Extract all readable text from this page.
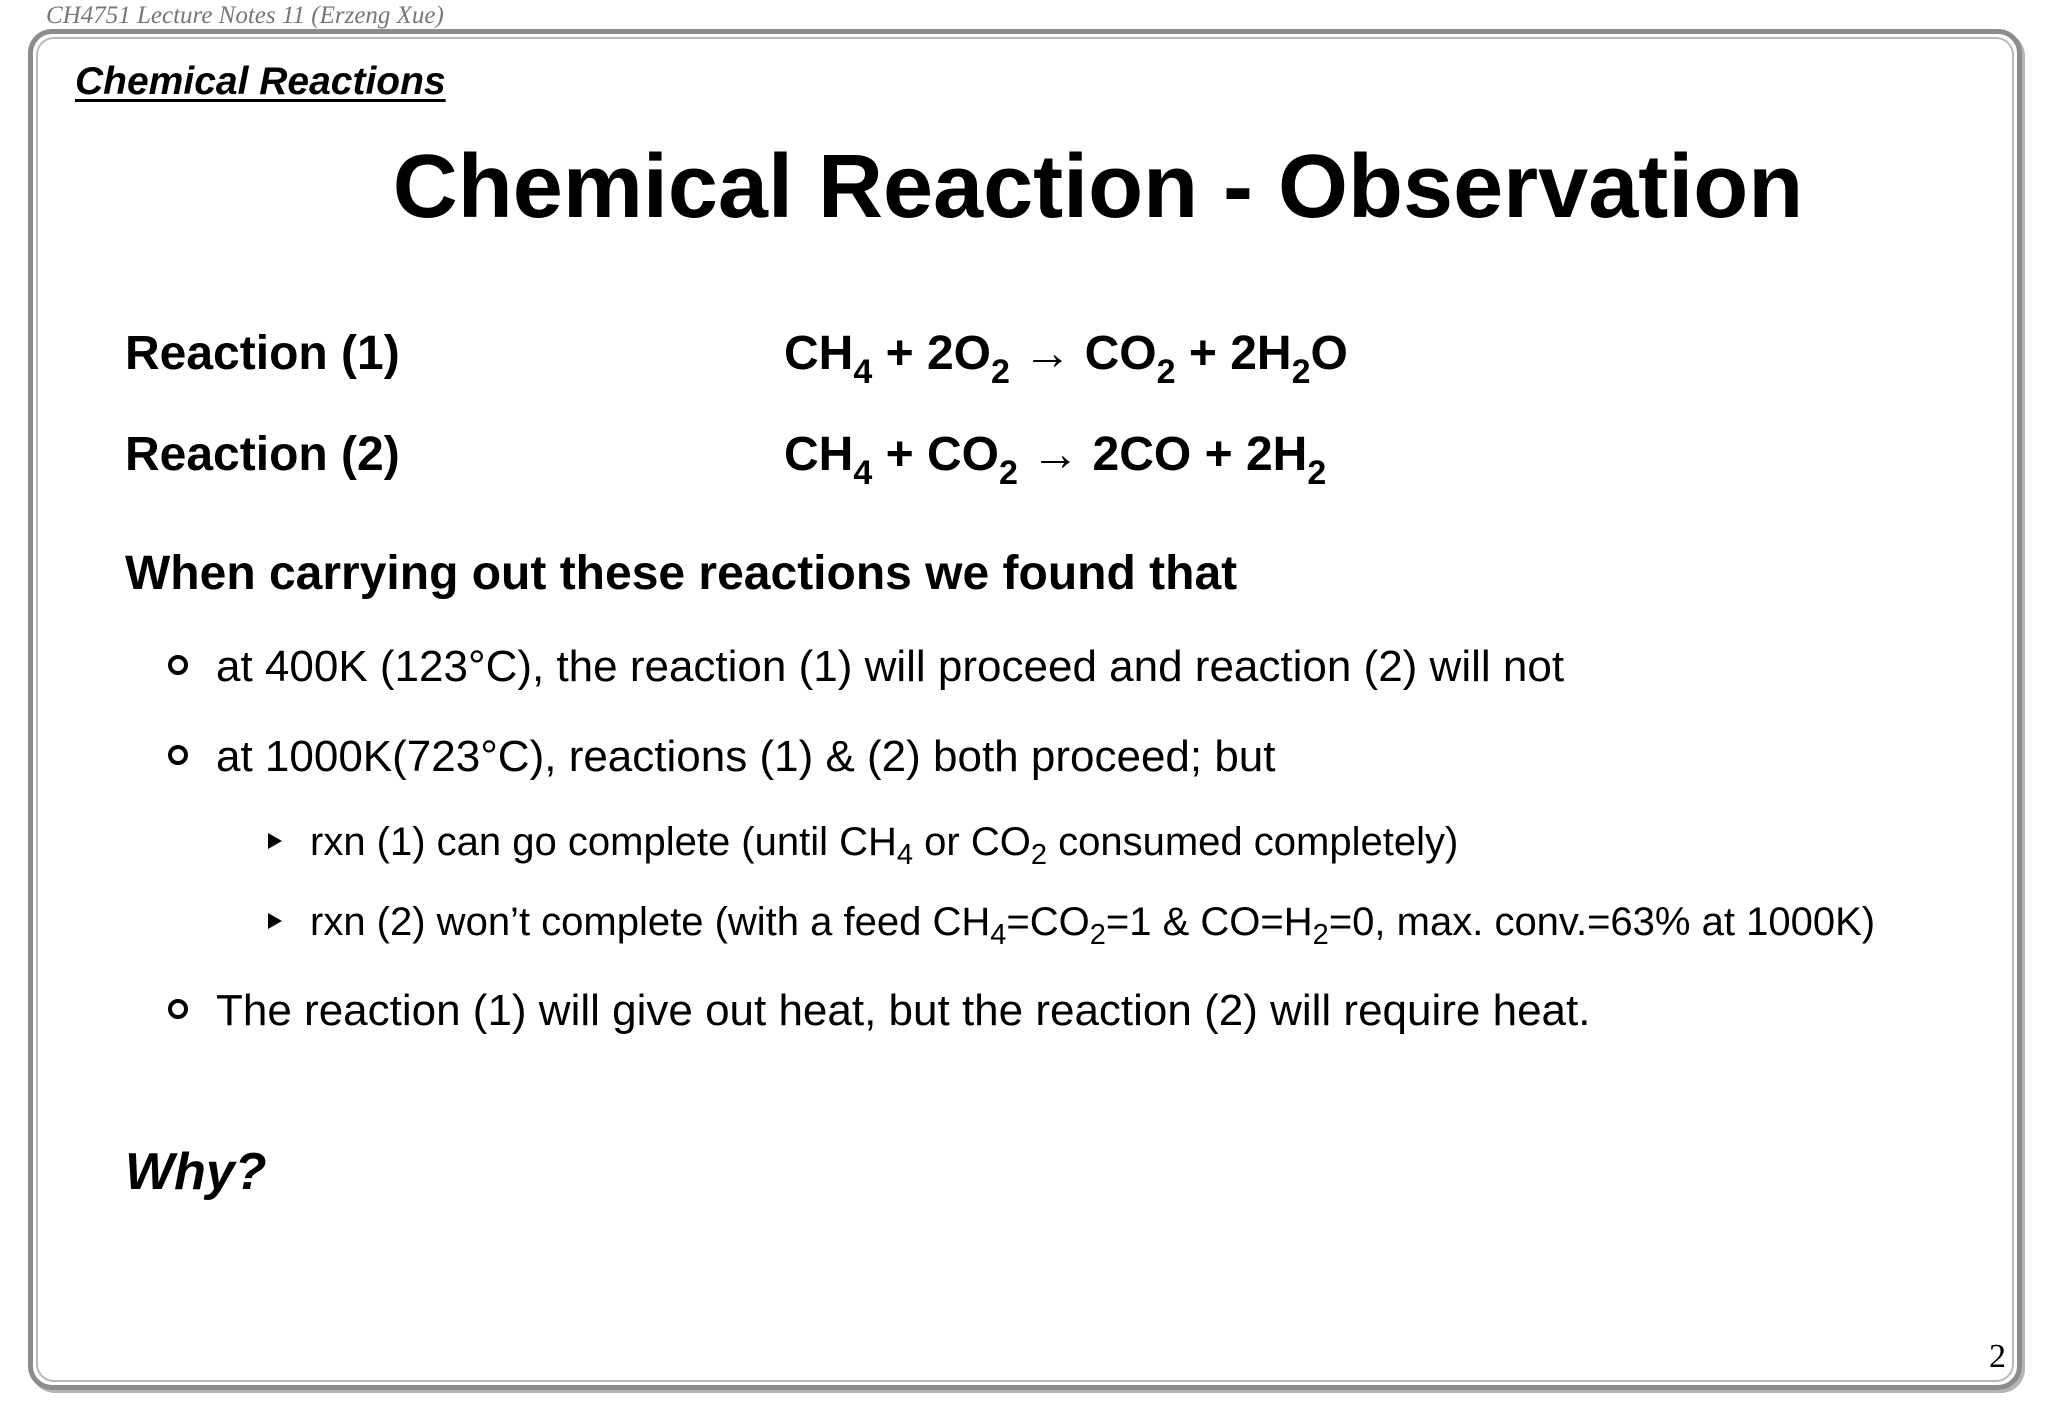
CH4751 Lecture Notes 11 (Erzeng Xue)
Chemical Reactions
Chemical Reaction - Observation
Reaction (1)	$CH_4 + 2O_2 \to CO_2 + 2H_2O$
Reaction (2)	$CH_4 + CO_2 \to 2CO + 2H_2$
When carrying out these reactions we found that
at 400K (123°C), the reaction (1) will proceed and reaction (2) will not
at 1000K(723°C), reactions (1) & (2) both proceed; but
rxn (1) can go complete (until $CH_4$ or $CO_2$ consumed completely)
rxn (2) won’t complete (with a feed $CH_4=CO_2=1$ & $CO=H_2=0$, max. conv.=63% at 1000K)
The reaction (1) will give out heat, but the reaction (2) will require heat.
Why?
2
